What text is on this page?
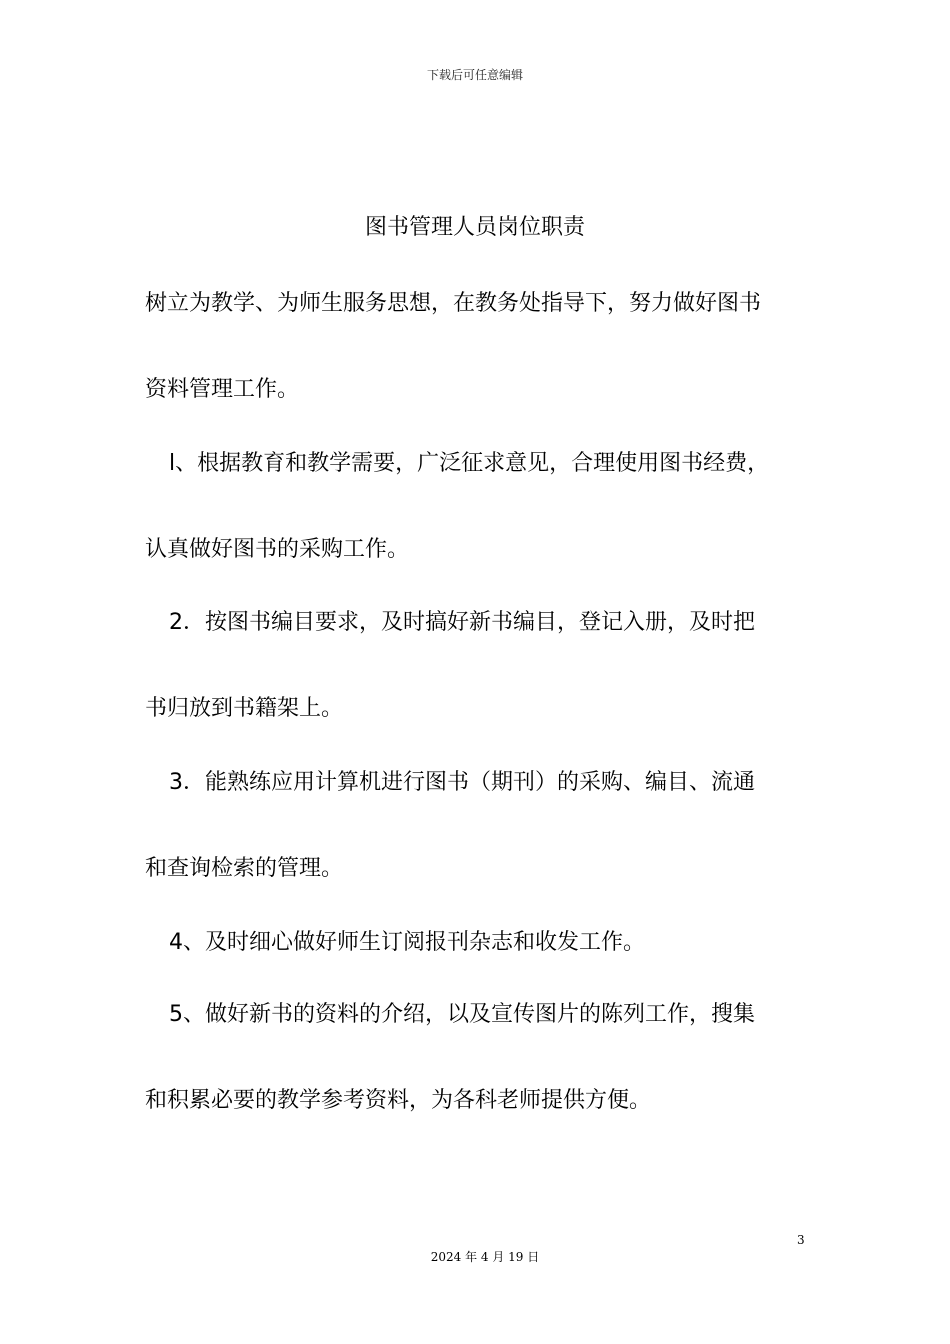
下载后可任意编辑
图书管理人员岗位职责
树立为教学、为师生服务思想，在教务处指导下，努力做好图书
资料管理工作。
l、根据教育和教学需要，广泛征求意见，合理使用图书经费，
认真做好图书的采购工作。
2．按图书编目要求，及时搞好新书编目，登记入册，及时把
书归放到书籍架上。
3．能熟练应用计算机进行图书（期刊）的采购、编目、流通
和查询检索的管理。
4、及时细心做好师生订阅报刊杂志和收发工作。
5、做好新书的资料的介绍，以及宣传图片的陈列工作，搜集
和积累必要的教学参考资料，为各科老师提供方便。
3
2024 年 4 月 19 日
